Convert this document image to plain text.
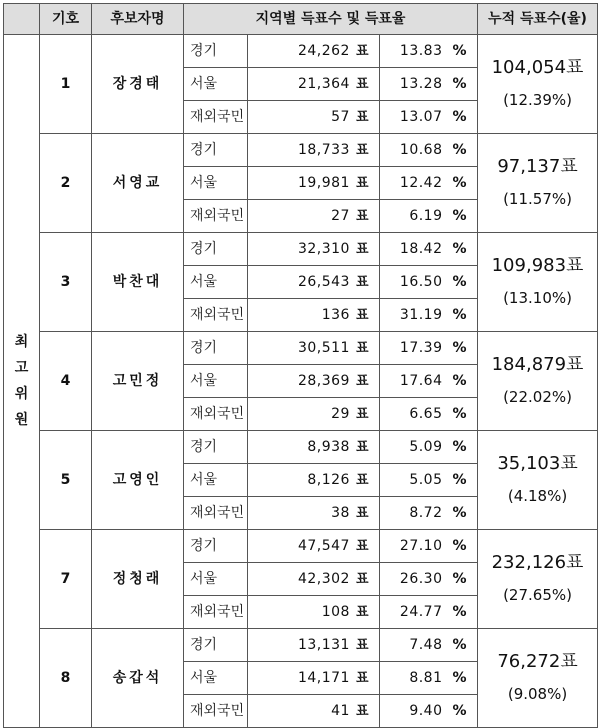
	기호	후보자명	지역별 득표수 및 득표율			누적 득표수(율)

최
고
위
원	1	장경태	경기	24,262 표	13.83 %	104,054표
(12.39%)

			서울	21,364 표	13.28 %	
			재외국민	57 표	13.07 %	
	2	서영교	경기	18,733 표	10.68 %	97,137표
(11.57%)

			서울	19,981 표	12.42 %	
			재외국민	27 표	6.19 %	
	3	박찬대	경기	32,310 표	18.42 %	109,983표
(13.10%)

			서울	26,543 표	16.50 %	
			재외국민	136 표	31.19 %	
	4	고민정	경기	30,511 표	17.39 %	184,879표
(22.02%)

			서울	28,369 표	17.64 %	
			재외국민	29 표	6.65 %	
	5	고영인	경기	8,938 표	5.09 %	35,103표
(4.18%)

			서울	8,126 표	5.05 %	
			재외국민	38 표	8.72 %	
	7	정청래	경기	47,547 표	27.10 %	232,126표
(27.65%)

			서울	42,302 표	26.30 %	
			재외국민	108 표	24.77 %	
	8	송갑석	경기	13,131 표	7.48 %	76,272표
(9.08%)

			서울	14,171 표	8.81 %	
			재외국민	41 표	9.40 %	
